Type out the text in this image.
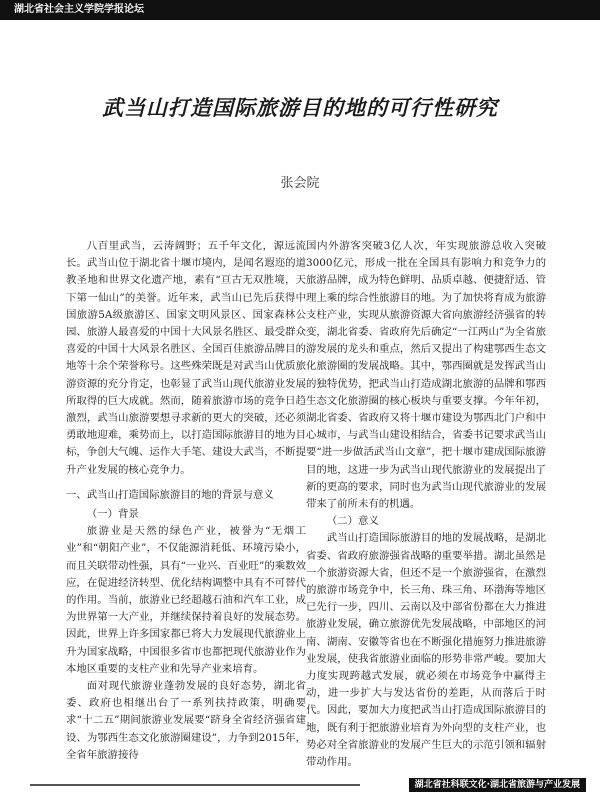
湖北省社会主义学院学报论坛
武当山打造国际旅游目的地的可行性研究
张会院

八百里武当，云涛阔野；五千年文化，源远流长。武当山位于湖北省十堰市境内，是闻名遐迩的道教圣地和世界文化遗产地，素有“亘古无双胜境，天下第一仙山”的美誉。近年来，武当山已先后获得中国旅游5A级旅游区、国家文明风景区、国家森林公园、旅游人最喜爱的中国十大风景名胜区、最受群众喜爱的中国十大风景名胜区、全国百佳旅游品牌目的地等十余个荣誉称号。这些殊荣既是对武当山优质旅游资源的充分肯定，也彰显了武当山现代旅游业发展所取得的巨大成就。然而，随着旅游市场的竞争日趋激烈，武当山旅游要想寻求新的更大的突破，还必须勇敢地迎难，乘势而上，以打造国际旅游目的地为目标，争创大气魄、运作大手笔、建设大武当，不断提升产业发展的核心竞争力。

一、武当山打造国际旅游目的地的背景与意义
（一）背景

旅游业是天然的绿色产业，被誉为“无烟工业”和“朝阳产业”，不仅能源消耗低、环境污染小，而且关联带动性强，具有“一业兴、百业旺”的乘数效应，在促进经济转型、优化结构调整中具有不可替代的作用。当前，旅游业已经超越石油和汽车工业，成为世界第一大产业，并继续保持着良好的发展态势。因此，世界上许多国家都已将大力发展现代旅游业上升为国家战略，中国很多省市也都把现代旅游业作为本地区重要的支柱产业和先导产业来培育。

面对现代旅游业蓬勃发展的良好态势，湖北省委、政府也相继出台了一系列扶持政策，明确要求“十二五”期间旅游业发展要“跻身全省经济强省建设、为鄂西生态文化旅游圈建设”，力争到2015年，全省年旅游接待

国内外游客突破3亿人次，年实现旅游总收入突破3000亿元，形成一批在全国具有影响力和竞争力的旅游品牌，成为特色鲜明、品质卓越、便捷舒适、管理上乘的综合性旅游目的地。为了加快将育成为旅游支柱产业，实现从旅游资源大省向旅游经济强省的转变，湖北省委、省政府先后确定“一江两山”为全省旅游发展的龙头和重点，然后又提出了构建鄂西生态文化旅游圈的发展战略。其中，鄂西圈就是发挥武当山的独特优势，把武当山打造成湖北旅游的品牌和鄂西生态文化旅游圈的核心板块与重要支撑。今年年初，湖北省委、省政府又将十堰市建设为鄂西北门户和中心城市，与武当山建设相结合，省委书记要求武当山要“进一步做活武当山文章”，把十堰市建成国际旅游目的地，这进一步为武当山现代旅游业的发展提出了新的更高的要求，同时也为武当山现代旅游业的发展带来了前所未有的机遇。

（二）意义

武当山打造国际旅游目的地的发展战略，是湖北省委、省政府旅游强省战略的重要举措。湖北虽然是一个旅游资源大省，但还不是一个旅游强省，在激烈的旅游市场竞争中，长三角、珠三角、环渤海等地区已先行一步，四川、云南以及中部省份都在大力推进旅游业发展，确立旅游优先发展战略，中部地区的河南、湖南、安徽等省也在不断强化措施努力推进旅游业发展，使我省旅游业面临的形势非常严峻。要加大力度实现跨越式发展，就必须在市场竞争中赢得主动，进一步扩大与发达省份的差距，从而落后于时代。因此，要加大力度把武当山打造成国际旅游目的地，既有利于把旅游业培育为外向型的支柱产业，也势必对全省旅游业的发展产生巨大的示范引领和辐射带动作用。

湖北省社科联文化·湖北省旅游与产业发展
